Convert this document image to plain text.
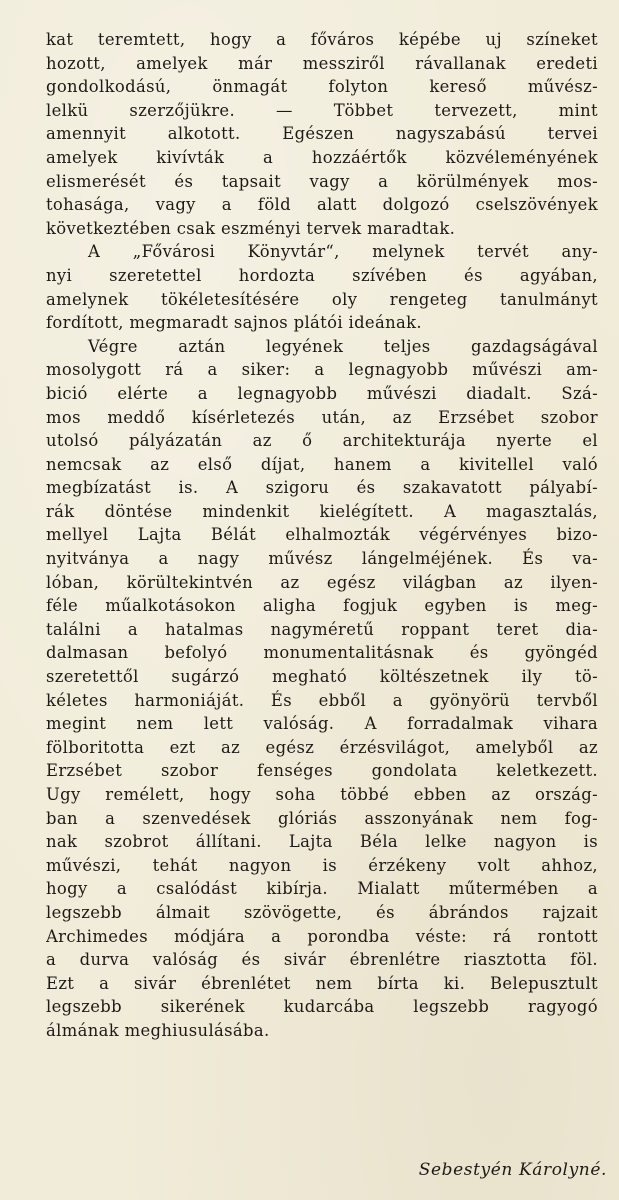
kat teremtett, hogy a főváros képébe uj színeket
hozott, amelyek már messziről rávallanak eredeti
gondolkodású, önmagát folyton kereső művész-
lelkü szerzőjükre. — Többet tervezett, mint
amennyit alkotott. Egészen nagyszabású tervei
amelyek kivívták a hozzáértők közvéleményének
elismerését és tapsait vagy a körülmények mos-
tohasága, vagy a föld alatt dolgozó cselszövények
következtében csak eszményi tervek maradtak.
A „Fővárosi Könyvtár“, melynek tervét any-
nyi szeretettel hordozta szívében és agyában,
amelynek tökéletesítésére oly rengeteg tanulmányt
fordított, megmaradt sajnos plátói ideának.
Végre aztán legyének teljes gazdagságával
mosolygott rá a siker: a legnagyobb művészi am-
bició elérte a legnagyobb művészi diadalt. Szá-
mos meddő kísérletezés után, az Erzsébet szobor
utolsó pályázatán az ő architekturája nyerte el
nemcsak az első díjat, hanem a kivitellel való
megbízatást is. A szigoru és szakavatott pályabí-
rák döntése mindenkit kielégített. A magasztalás,
mellyel Lajta Bélát elhalmozták végérvényes bizo-
nyitványa a nagy művész lángelméjének. És va-
lóban, körültekintvén az egész világban az ilyen-
féle műalkotásokon aligha fogjuk egyben is meg-
találni a hatalmas nagyméretű roppant teret dia-
dalmasan befolyó monumentalitásnak és gyöngéd
szeretettől sugárzó megható költészetnek ily tö-
kéletes harmoniáját. És ebből a gyönyörü tervből
megint nem lett valóság. A forradalmak vihara
fölboritotta ezt az egész érzésvilágot, amelyből az
Erzsébet szobor fenséges gondolata keletkezett.
Ugy remélett, hogy soha többé ebben az ország-
ban a szenvedések glóriás asszonyának nem fog-
nak szobrot állítani. Lajta Béla lelke nagyon is
művészi, tehát nagyon is érzékeny volt ahhoz,
hogy a csalódást kibírja. Mialatt műtermében a
legszebb álmait szövögette, és ábrándos rajzait
Archimedes módjára a porondba véste: rá rontott
a durva valóság és sivár ébrenlétre riasztotta föl.
Ezt a sivár ébrenlétet nem bírta ki. Belepusztult
legszebb sikerének kudarcába legszebb ragyogó
álmának meghiusulásába.
Sebestyén Károlyné.
